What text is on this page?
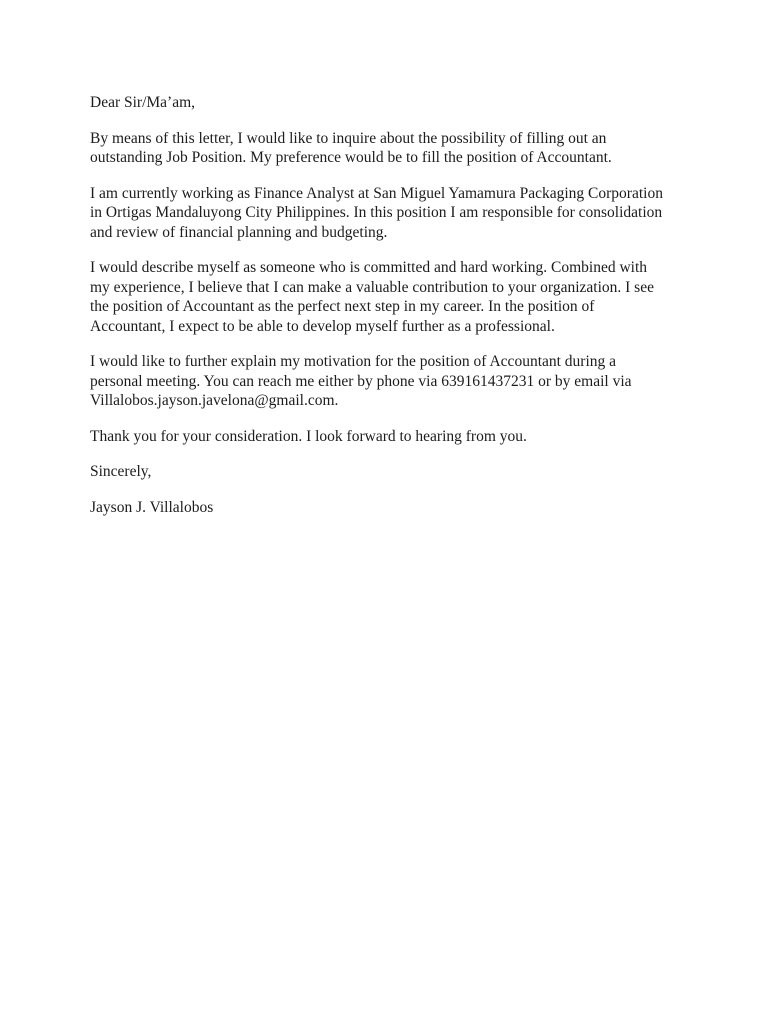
Dear Sir/Ma’am,

By means of this letter, I would like to inquire about the possibility of filling out an outstanding Job Position. My preference would be to fill the position of Accountant.

I am currently working as Finance Analyst at San Miguel Yamamura Packaging Corporation in Ortigas Mandaluyong City Philippines. In this position I am responsible for consolidation and review of financial planning and budgeting.

I would describe myself as someone who is committed and hard working. Combined with my experience, I believe that I can make a valuable contribution to your organization. I see the position of Accountant as the perfect next step in my career. In the position of Accountant, I expect to be able to develop myself further as a professional.

I would like to further explain my motivation for the position of Accountant during a personal meeting. You can reach me either by phone via 639161437231 or by email via Villalobos.jayson.javelona@gmail.com.

Thank you for your consideration. I look forward to hearing from you.

Sincerely,

Jayson J. Villalobos
